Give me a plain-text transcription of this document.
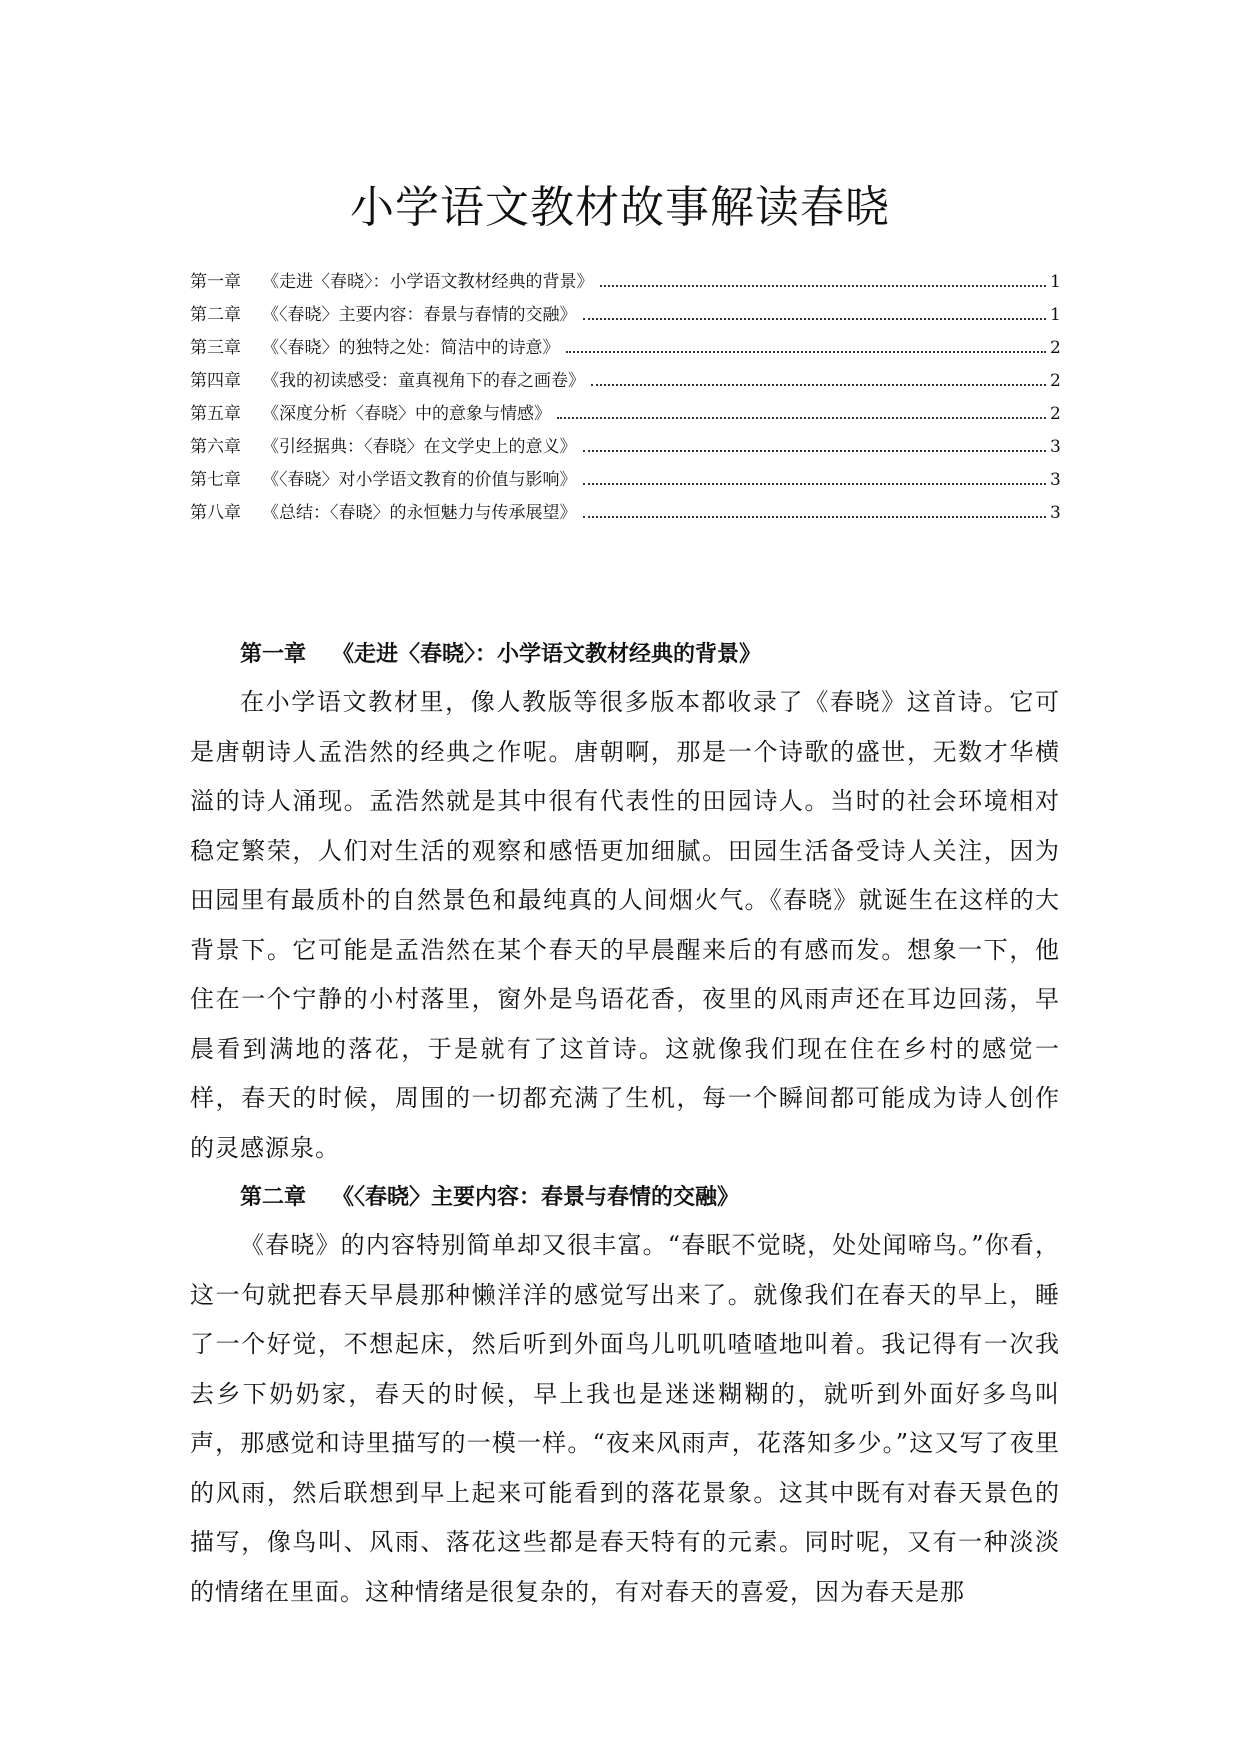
小学语文教材故事解读春晓
第一章	《走进〈春晓〉：小学语文教材经典的背景》	1
第二章	《〈春晓〉主要内容：春景与春情的交融》	1
第三章	《〈春晓〉的独特之处：简洁中的诗意》	2
第四章	《我的初读感受：童真视角下的春之画卷》	2
第五章	《深度分析〈春晓〉中的意象与情感》	2
第六章	《引经据典：〈春晓〉在文学史上的意义》	3
第七章	《〈春晓〉对小学语文教育的价值与影响》	3
第八章	《总结：〈春晓〉的永恒魅力与传承展望》	3
第一章 《走进〈春晓〉：小学语文教材经典的背景》

在小学语文教材里，像人教版等很多版本都收录了《春晓》这首诗。它可是唐朝诗人孟浩然的经典之作呢。唐朝啊，那是一个诗歌的盛世，无数才华横溢的诗人涌现。孟浩然就是其中很有代表性的田园诗人。当时的社会环境相对稳定繁荣，人们对生活的观察和感悟更加细腻。田园生活备受诗人关注，因为田园里有最质朴的自然景色和最纯真的人间烟火气。《春晓》就诞生在这样的大背景下。它可能是孟浩然在某个春天的早晨醒来后的有感而发。想象一下，他住在一个宁静的小村落里，窗外是鸟语花香，夜里的风雨声还在耳边回荡，早晨看到满地的落花，于是就有了这首诗。这就像我们现在住在乡村的感觉一样，春天的时候，周围的一切都充满了生机，每一个瞬间都可能成为诗人创作的灵感源泉。

第二章 《〈春晓〉主要内容：春景与春情的交融》

《春晓》的内容特别简单却又很丰富。“春眠不觉晓，处处闻啼鸟。”你看，这一句就把春天早晨那种懒洋洋的感觉写出来了。就像我们在春天的早上，睡了一个好觉，不想起床，然后听到外面鸟儿叽叽喳喳地叫着。我记得有一次我去乡下奶奶家，春天的时候，早上我也是迷迷糊糊的，就听到外面好多鸟叫声，那感觉和诗里描写的一模一样。“夜来风雨声，花落知多少。”这又写了夜里的风雨，然后联想到早上起来可能看到的落花景象。这其中既有对春天景色的描写，像鸟叫、风雨、落花这些都是春天特有的元素。同时呢，又有一种淡淡的情绪在里面。这种情绪是很复杂的，有对春天的喜爱，因为春天是那
